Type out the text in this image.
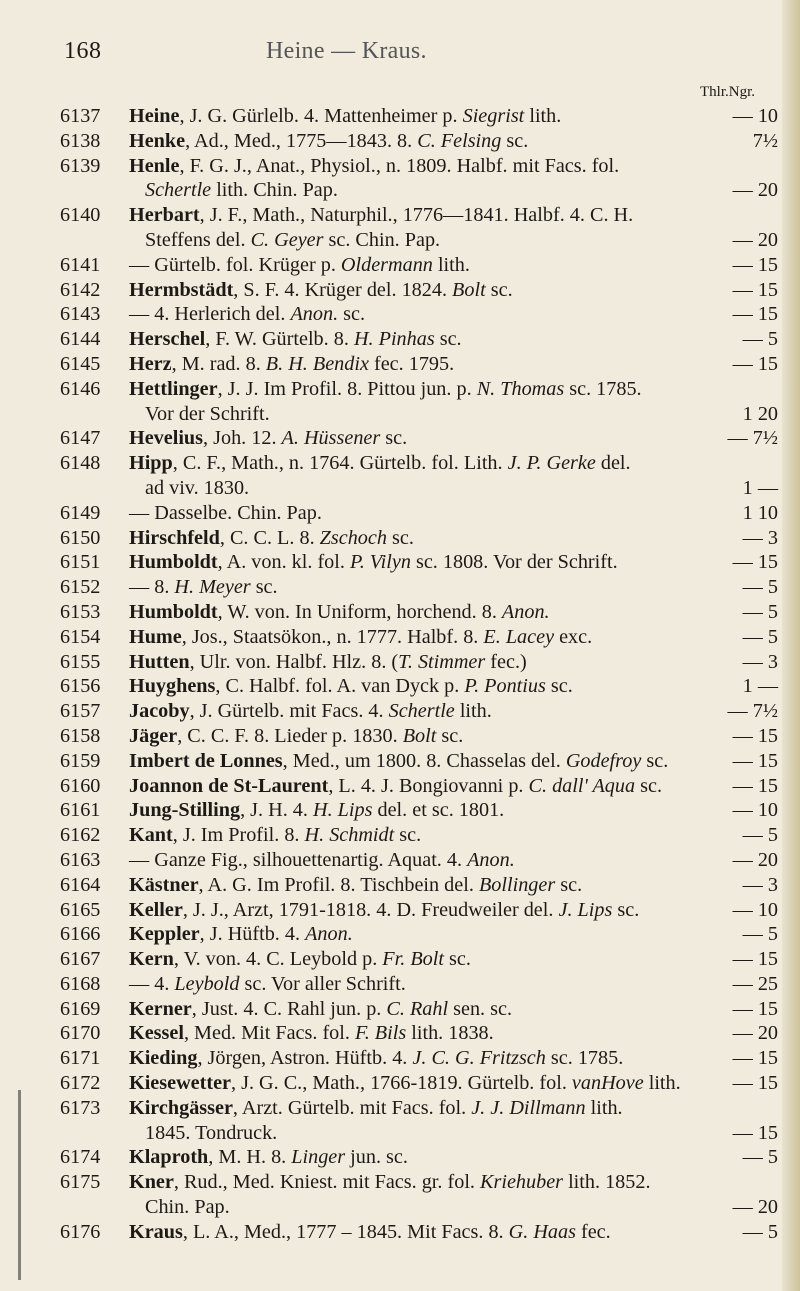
168	Heine — Kraus.
Thlr.Ngr.
6137	Heine, J. G. Gürlelb. 4. Mattenheimer p. Siegrist lith.	— 10
6138	Henke, Ad., Med., 1775—1843. 8. C. Felsing sc.	7½
6139	Henle, F. G. J., Anat., Physiol., n. 1809. Halbf. mit Facs. fol.
Schertle lith. Chin. Pap.	— 20
6140	Herbart, J. F., Math., Naturphil., 1776—1841. Halbf. 4. C. H.
Steffens del. C. Geyer sc. Chin. Pap.	— 20
6141	— Gürtelb. fol. Krüger p. Oldermann lith.	— 15
6142	Hermbstädt, S. F. 4. Krüger del. 1824. Bolt sc.	— 15
6143	— 4. Herlerich del. Anon. sc.	— 15
6144	Herschel, F. W. Gürtelb. 8. H. Pinhas sc.	— 5
6145	Herz, M. rad. 8. B. H. Bendix fec. 1795.	— 15
6146	Hettlinger, J. J. Im Profil. 8. Pittou jun. p. N. Thomas sc. 1785.
Vor der Schrift.	1 20
6147	Hevelius, Joh. 12. A. Hüssener sc.	— 7½
6148	Hipp, C. F., Math., n. 1764. Gürtelb. fol. Lith. J. P. Gerke del.
ad viv. 1830.	1 —
6149	— Dasselbe. Chin. Pap.	1 10
6150	Hirschfeld, C. C. L. 8. Zschoch sc.	— 3
6151	Humboldt, A. von. kl. fol. P. Vilyn sc. 1808. Vor der Schrift.	— 15
6152	— 8. H. Meyer sc.	— 5
6153	Humboldt, W. von. In Uniform, horchend. 8. Anon.	— 5
6154	Hume, Jos., Staatsökon., n. 1777. Halbf. 8. E. Lacey exc.	— 5
6155	Hutten, Ulr. von. Halbf. Hlz. 8. (T. Stimmer fec.)	— 3
6156	Huyghens, C. Halbf. fol. A. van Dyck p. P. Pontius sc.	1 —
6157	Jacoby, J. Gürtelb. mit Facs. 4. Schertle lith.	— 7½
6158	Jäger, C. C. F. 8. Lieder p. 1830. Bolt sc.	— 15
6159	Imbert de Lonnes, Med., um 1800. 8. Chasselas del. Godefroy sc.	— 15
6160	Joannon de St-Laurent, L. 4. J. Bongiovanni p. C. dall' Aqua sc.	— 15
6161	Jung-Stilling, J. H. 4. H. Lips del. et sc. 1801.	— 10
6162	Kant, J. Im Profil. 8. H. Schmidt sc.	— 5
6163	— Ganze Fig., silhouettenartig. Aquat. 4. Anon.	— 20
6164	Kästner, A. G. Im Profil. 8. Tischbein del. Bollinger sc.	— 3
6165	Keller, J. J., Arzt, 1791-1818. 4. D. Freudweiler del. J. Lips sc.	— 10
6166	Keppler, J. Hüftb. 4. Anon.	— 5
6167	Kern, V. von. 4. C. Leybold p. Fr. Bolt sc.	— 15
6168	— 4. Leybold sc. Vor aller Schrift.	— 25
6169	Kerner, Just. 4. C. Rahl jun. p. C. Rahl sen. sc.	— 15
6170	Kessel, Med. Mit Facs. fol. F. Bils lith. 1838.	— 20
6171	Kieding, Jörgen, Astron. Hüftb. 4. J. C. G. Fritzsch sc. 1785.	— 15
6172	Kiesewetter, J. G. C., Math., 1766-1819. Gürtelb. fol. vanHove lith.	— 15
6173	Kirchgässer, Arzt. Gürtelb. mit Facs. fol. J. J. Dillmann lith.
1845. Tondruck.	— 15
6174	Klaproth, M. H. 8. Linger jun. sc.	— 5
6175	Kner, Rud., Med. Kniest. mit Facs. gr. fol. Kriehuber lith. 1852.
Chin. Pap.	— 20
6176	Kraus, L. A., Med., 1777 – 1845. Mit Facs. 8. G. Haas fec.	— 5
